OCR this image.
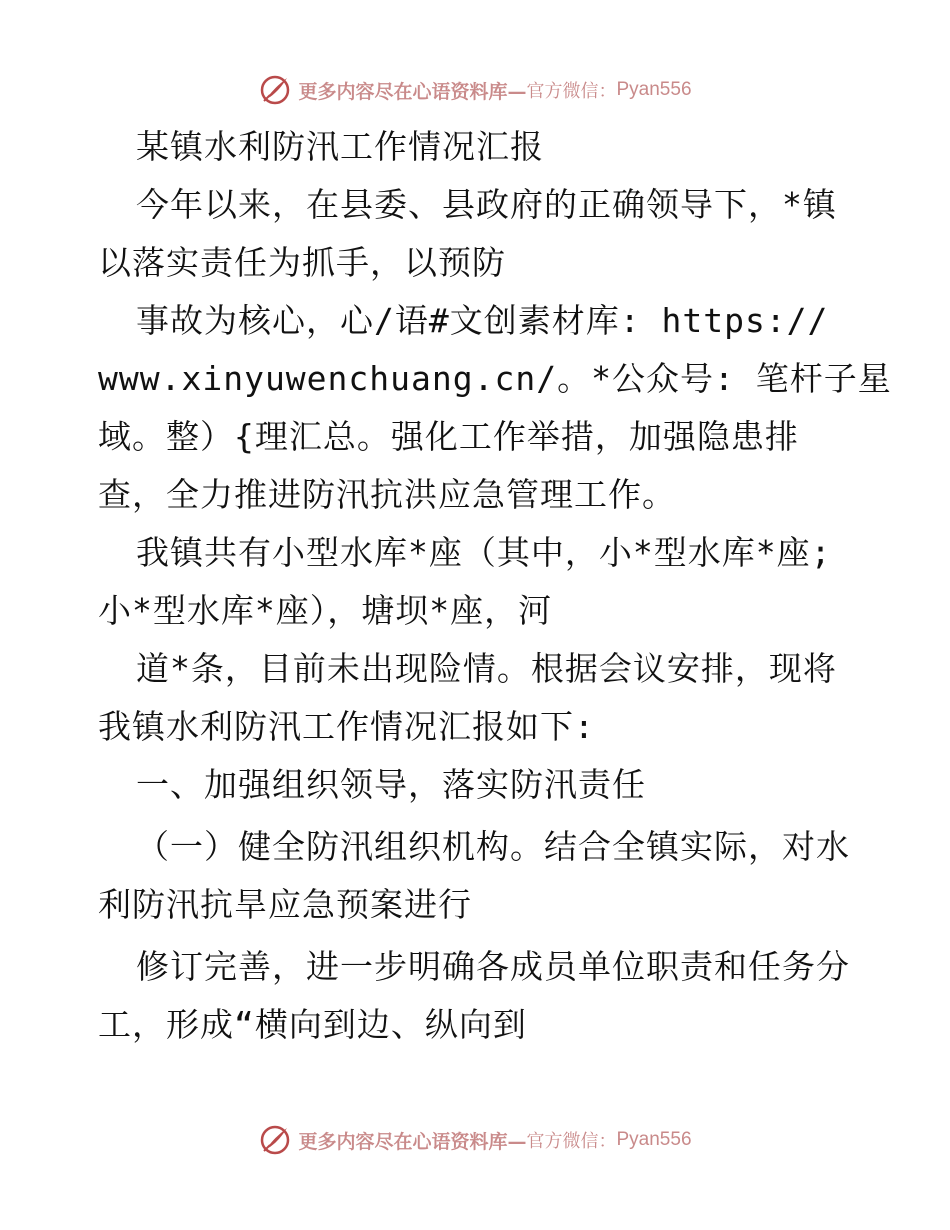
更多内容尽在心语资料库— 官方微信： Pyan556
某镇水利防汛工作情况汇报
今年以来，在县委、县政府的正确领导下，*镇
以落实责任为抓手，以预防
事故为核心，心/语#文创素材库: https://
www.xinyuwenchuang.cn/。*公众号: 笔杆子星
域。整）{理汇总。强化工作举措，加强隐患排
查，全力推进防汛抗洪应急管理工作。
我镇共有小型水库*座（其中，小*型水库*座;
小*型水库*座），塘坝*座，河
道*条，目前未出现险情。根据会议安排，现将
我镇水利防汛工作情况汇报如下:
一、加强组织领导，落实防汛责任
（一）健全防汛组织机构。结合全镇实际，对水
利防汛抗旱应急预案进行
修订完善，进一步明确各成员单位职责和任务分
工，形成“横向到边、纵向到
更多内容尽在心语资料库— 官方微信： Pyan556
